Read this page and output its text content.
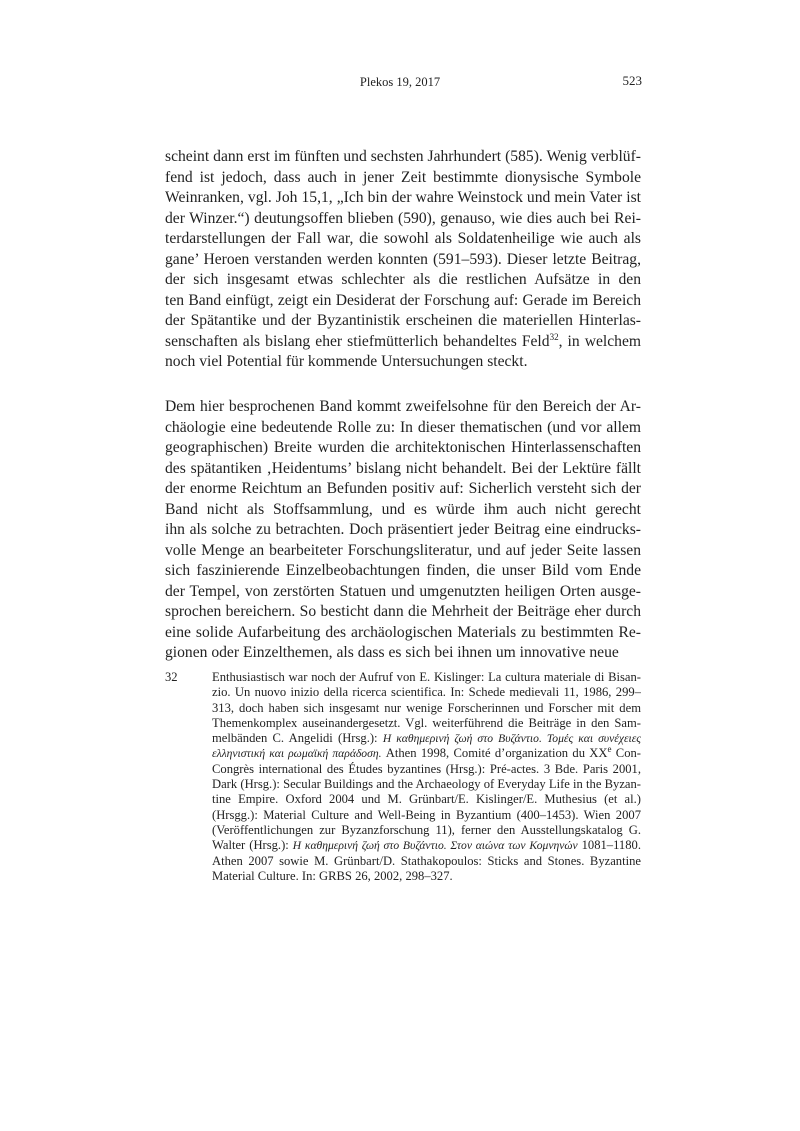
Plekos 19, 2017	523
scheint dann erst im fünften und sechsten Jahrhundert (585). Wenig verblüf-
fend ist jedoch, dass auch in jener Zeit bestimmte dionysische Symbole
Weinranken, vgl. Joh 15,1, „Ich bin der wahre Weinstock und mein Vater ist
der Winzer.“) deutungsoffen blieben (590), genauso, wie dies auch bei Rei-
terdarstellungen der Fall war, die sowohl als Soldatenheilige wie auch als
gane’ Heroen verstanden werden konnten (591–593). Dieser letzte Beitrag,
der sich insgesamt etwas schlechter als die restlichen Aufsätze in den
ten Band einfügt, zeigt ein Desiderat der Forschung auf: Gerade im Bereich
der Spätantike und der Byzantinistik erscheinen die materiellen Hinterlas-
senschaften als bislang eher stiefmütterlich behandeltes Feld$^{32}$, in welchem
noch viel Potential für kommende Untersuchungen steckt.
Dem hier besprochenen Band kommt zweifelsohne für den Bereich der Ar-
chäologie eine bedeutende Rolle zu: In dieser thematischen (und vor allem
geographischen) Breite wurden die architektonischen Hinterlassenschaften
des spätantiken ‚Heidentums’ bislang nicht behandelt. Bei der Lektüre fällt
der enorme Reichtum an Befunden positiv auf: Sicherlich versteht sich der
Band nicht als Stoffsammlung, und es würde ihm auch nicht gerecht
ihn als solche zu betrachten. Doch präsentiert jeder Beitrag eine eindrucks-
volle Menge an bearbeiteter Forschungsliteratur, und auf jeder Seite lassen
sich faszinierende Einzelbeobachtungen finden, die unser Bild vom Ende
der Tempel, von zerstörten Statuen und umgenutzten heiligen Orten ausge-
sprochen bereichern. So besticht dann die Mehrheit der Beiträge eher durch
eine solide Aufarbeitung des archäologischen Materials zu bestimmten Re-
gionen oder Einzelthemen, als dass es sich bei ihnen um innovative neue
32	Enthusiastisch war noch der Aufruf von E. Kislinger: La cultura materiale di Bisan-
zio. Un nuovo inizio della ricerca scientifica. In: Schede medievali 11, 1986, 299–
313, doch haben sich insgesamt nur wenige Forscherinnen und Forscher mit dem
Themenkomplex auseinandergesetzt. Vgl. weiterführend die Beiträge in den Sam-
melbänden C. Angelidi (Hrsg.): Η καθημερινή ζωή στο Βυζάντιο. Τομές και συνέχειες
ελληνιστική και ρωμαϊκή παράδοση. Athen 1998, Comité d’organization du XXe Con-
Congrès international des Études byzantines (Hrsg.): Pré-actes. 3 Bde. Paris 2001,
Dark (Hrsg.): Secular Buildings and the Archaeology of Everyday Life in the Byzan-
tine Empire. Oxford 2004 und M. Grünbart/E. Kislinger/E. Muthesius (et al.)
(Hrsgg.): Material Culture and Well-Being in Byzantium (400–1453). Wien 2007
(Veröffentlichungen zur Byzanzforschung 11), ferner den Ausstellungskatalog G.
Walter (Hrsg.): Η καθημερινή ζωή στο Βυζάντιο. Στον αιώνα των Κομνηνών 1081–1180.
Athen 2007 sowie M. Grünbart/D. Stathakopoulos: Sticks and Stones. Byzantine
Material Culture. In: GRBS 26, 2002, 298–327.
